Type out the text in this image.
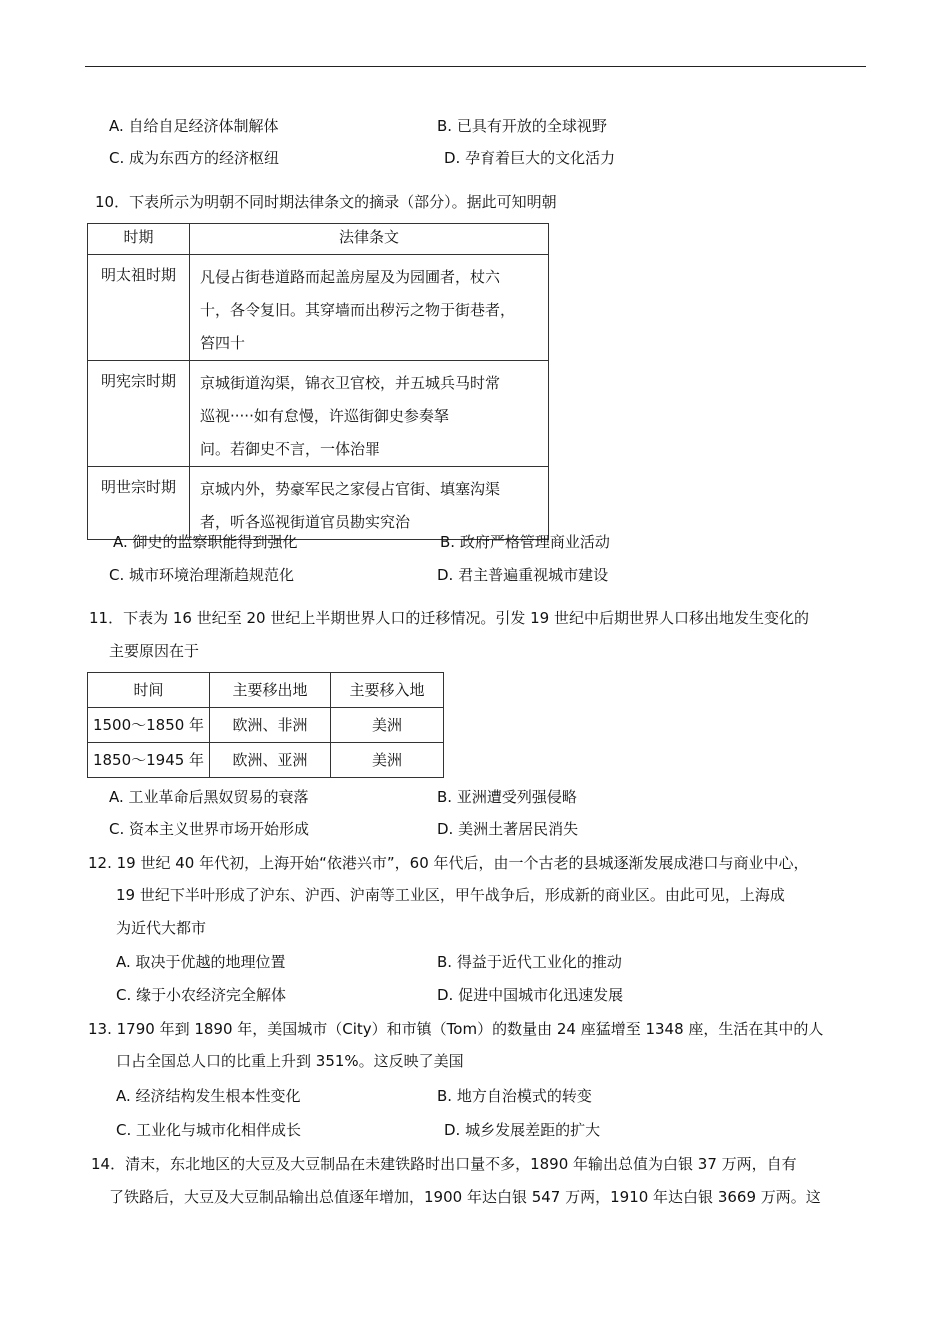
A. 自给自足经济体制解体	B. 已具有开放的全球视野
C. 成为东西方的经济枢纽	D. 孕育着巨大的文化活力
10．下表所示为明朝不同时期法律条文的摘录（部分）。据此可知明朝
时期	法律条文
明太祖时期	凡侵占街巷道路而起盖房屋及为园圃者，杖六
十，各令复旧。其穿墙而出秽污之物于街巷者，
笞四十

明宪宗时期	京城街道沟渠，锦衣卫官校，并五城兵马时常
巡视·····如有怠慢，许巡街御史参奏拏
问。若御史不言，一体治罪

明世宗时期	京城内外，势豪军民之家侵占官街、填塞沟渠
者，听各巡视街道官员勘实究治
A. 御史的监察职能得到强化	B. 政府严格管理商业活动
C. 城市环境治理渐趋规范化	D. 君主普遍重视城市建设
11．下表为 16 世纪至 20 世纪上半期世界人口的迁移情况。引发 19 世纪中后期世界人口移出地发生变化的
主要原因在于
时间	主要移出地	主要移入地
1500～1850 年	欧洲、非洲	美洲
1850～1945 年	欧洲、亚洲	美洲
A. 工业革命后黑奴贸易的衰落	B. 亚洲遭受列强侵略
C. 资本主义世界市场开始形成	D. 美洲土著居民消失
12. 19 世纪 40 年代初，上海开始“依港兴市”，60 年代后，由一个古老的县城逐渐发展成港口与商业中心，
19 世纪下半叶形成了沪东、沪西、沪南等工业区，甲午战争后，形成新的商业区。由此可见，上海成
为近代大都市
A. 取决于优越的地理位置	B. 得益于近代工业化的推动
C. 缘于小农经济完全解体	D. 促进中国城市化迅速发展
13. 1790 年到 1890 年，美国城市（City）和市镇（Tom）的数量由 24 座猛增至 1348 座，生活在其中的人
口占全国总人口的比重上升到 351%。这反映了美国
A. 经济结构发生根本性变化	B. 地方自治模式的转变
C. 工业化与城市化相伴成长	D. 城乡发展差距的扩大
14．清末，东北地区的大豆及大豆制品在未建铁路时出口量不多，1890 年输出总值为白银 37 万两，自有
了铁路后，大豆及大豆制品输出总值逐年增加，1900 年达白银 547 万两，1910 年达白银 3669 万两。这
